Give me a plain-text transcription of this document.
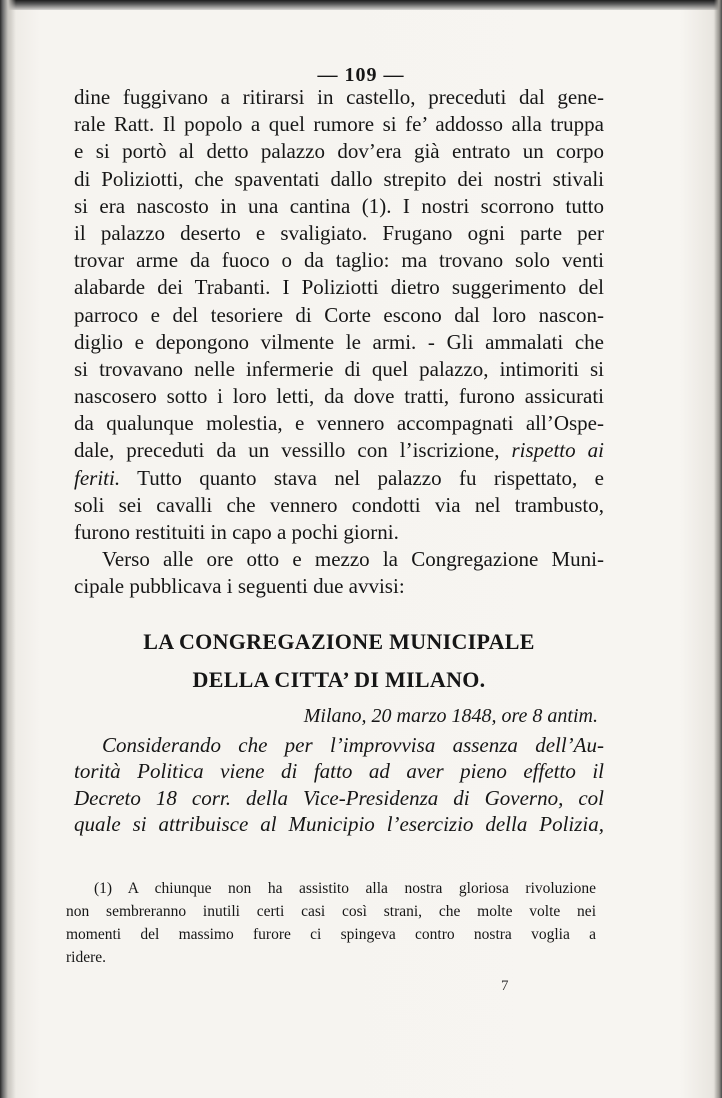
— 109 —
dine fuggivano a ritirarsi in castello, preceduti dal gene-
rale Ratt. Il popolo a quel rumore si fe’ addosso alla truppa
e si portò al detto palazzo dov’era già entrato un corpo
di Poliziotti, che spaventati dallo strepito dei nostri stivali
si era nascosto in una cantina (1). I nostri scorrono tutto
il palazzo deserto e svaligiato. Frugano ogni parte per
trovar arme da fuoco o da taglio: ma trovano solo venti
alabarde dei Trabanti. I Poliziotti dietro suggerimento del
parroco e del tesoriere di Corte escono dal loro nascon-
diglio e depongono vilmente le armi. - Gli ammalati che
si trovavano nelle infermerie di quel palazzo, intimoriti si
nascosero sotto i loro letti, da dove tratti, furono assicurati
da qualunque molestia, e vennero accompagnati all’Ospe-
dale, preceduti da un vessillo con l’iscrizione, rispetto ai
feriti. Tutto quanto stava nel palazzo fu rispettato, e
soli sei cavalli che vennero condotti via nel trambusto,
furono restituiti in capo a pochi giorni.
Verso alle ore otto e mezzo la Congregazione Muni-
cipale pubblicava i seguenti due avvisi:
LA CONGREGAZIONE MUNICIPALE
DELLA CITTA’ DI MILANO.
Milano, 20 marzo 1848, ore 8 antim.
Considerando che per l’improvvisa assenza dell’Au-
torità Politica viene di fatto ad aver pieno effetto il
Decreto 18 corr. della Vice-Presidenza di Governo, col
quale si attribuisce al Municipio l’esercizio della Polizia,
(1) A chiunque non ha assistito alla nostra gloriosa rivoluzione
non sembreranno inutili certi casi così strani, che molte volte nei
momenti del massimo furore ci spingeva contro nostra voglia a
ridere.
7
